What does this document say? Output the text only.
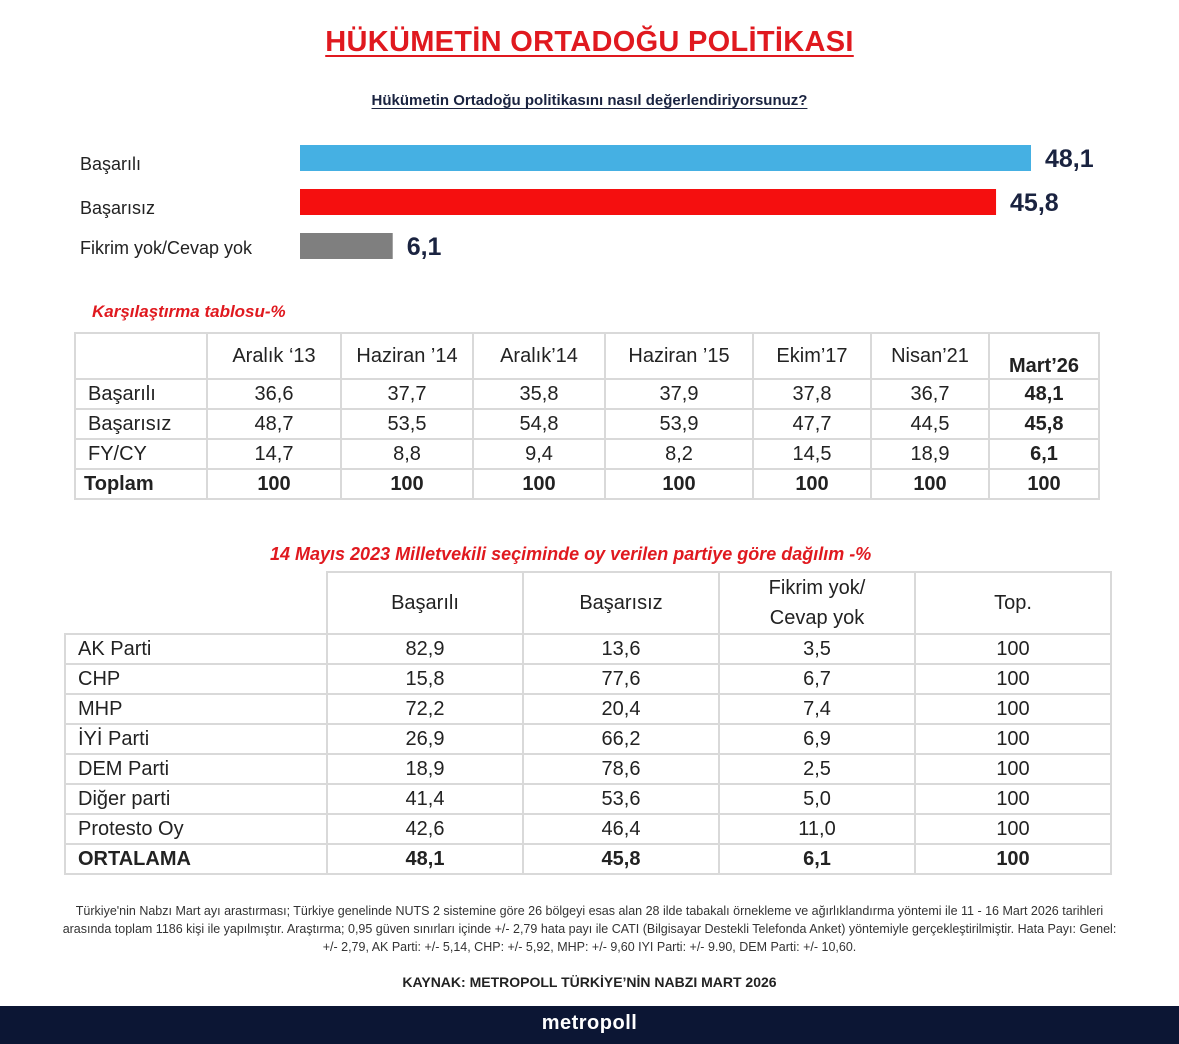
HÜKÜMETİN ORTADOĞU POLİTİKASI
Hükümetin Ortadoğu politikasını nasıl değerlendiriyorsunuz?
Başarılı	48,1
Başarısız	45,8
Fikrim yok/Cevap yok	6,1
Karşılaştırma tablosu-%
	Aralık ‘13	Haziran ’14	Aralık’14	Haziran ’15	Ekim’17	Nisan’21	Mart’26
Başarılı	36,6	37,7	35,8	37,9	37,8	36,7	48,1
Başarısız	48,7	53,5	54,8	53,9	47,7	44,5	45,8
FY/CY	14,7	8,8	9,4	8,2	14,5	18,9	6,1
Toplam	100	100	100	100	100	100	100
14 Mayıs 2023 Milletvekili seçiminde oy verilen partiye göre dağılım -%
	Başarılı	Başarısız	Fikrim yok/
Cevap yok	Top.
AK Parti	82,9	13,6	3,5	100
CHP	15,8	77,6	6,7	100
MHP	72,2	20,4	7,4	100
İYİ Parti	26,9	66,2	6,9	100
DEM Parti	18,9	78,6	2,5	100
Diğer parti	41,4	53,6	5,0	100
Protesto Oy	42,6	46,4	11,0	100
ORTALAMA	48,1	45,8	6,1	100
Türkiye'nin Nabzı Mart ayı arastırması; Türkiye genelinde NUTS 2 sistemine göre 26 bölgeyi esas alan 28 ilde tabakalı örnekleme ve ağırlıklandırma yöntemi ile 11 - 16 Mart 2026 tarihleri arasında toplam 1186 kişi ile yapılmıştır. Araştırma; 0,95 güven sınırları içinde +/- 2,79 hata payı ile CATI (Bilgisayar Destekli Telefonda Anket) yöntemiyle gerçekleştirilmiştir. Hata Payı: Genel: +/- 2,79, AK Parti: +/- 5,14, CHP: +/- 5,92, MHP: +/- 9,60 IYI Parti: +/- 9.90, DEM Parti: +/- 10,60.
KAYNAK: METROPOLL TÜRKİYE’NİN NABZI MART 2026
metropoll
